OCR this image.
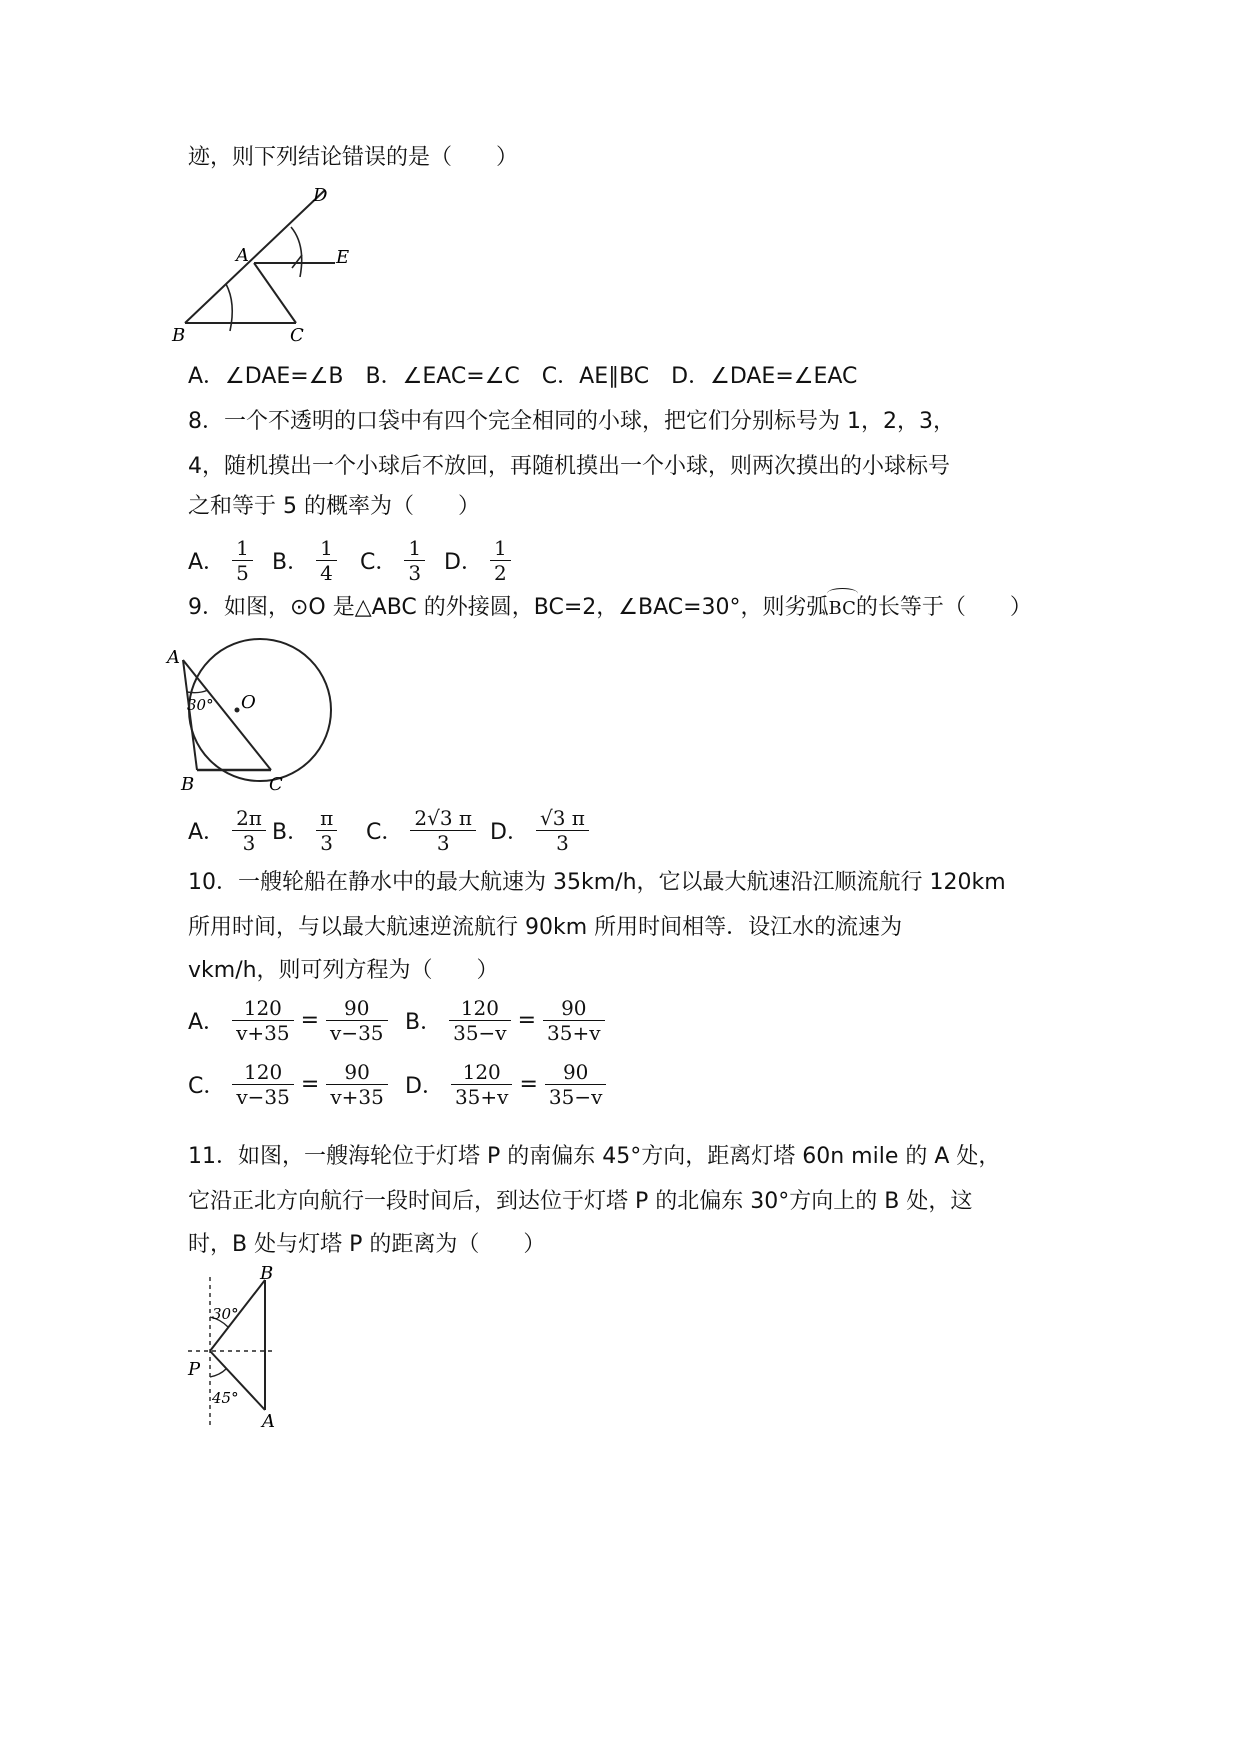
迹，则下列结论错误的是（　　）
D
A	E
B	C
A．∠DAE=∠B　B．∠EAC=∠C　C．AE∥BC　D．∠DAE=∠EAC
8．一个不透明的口袋中有四个完全相同的小球，把它们分别标号为 1，2，3，
4，随机摸出一个小球后不放回，再随机摸出一个小球，则两次摸出的小球标号
之和等于 5 的概率为（　　）
A． $\frac{1}{5}$ B． $\frac{1}{4}$ C． $\frac{1}{3}$ D． $\frac{1}{2}$
9．如图，⊙O 是△ABC 的外接圆，BC=2，∠BAC=30°，则劣弧BC的长等于（　　）
A
30° O
B	C
A． $\frac{2\pi}{3}$ B． $\frac{\pi}{3}$ C． $\frac{2√3 \pi}{3}$ D． $\frac{√3 \pi}{3}$
10．一艘轮船在静水中的最大航速为 35km/h，它以最大航速沿江顺流航行 120km
所用时间，与以最大航速逆流航行 90km 所用时间相等．设江水的流速为
vkm/h，则可列方程为（　　）
A． $\frac{120}{v+35} = \frac{90}{v-35}$ B． $\frac{120}{35-v} = \frac{90}{35+v}$
C． $\frac{120}{v-35} = \frac{90}{v+35}$ D． $\frac{120}{35+v} = \frac{90}{35-v}$
11．如图，一艘海轮位于灯塔 P 的南偏东 45°方向，距离灯塔 60n mile 的 A 处，
它沿正北方向航行一段时间后，到达位于灯塔 P 的北偏东 30°方向上的 B 处，这
时，B 处与灯塔 P 的距离为（　　）
B
30°
P
45°
A
